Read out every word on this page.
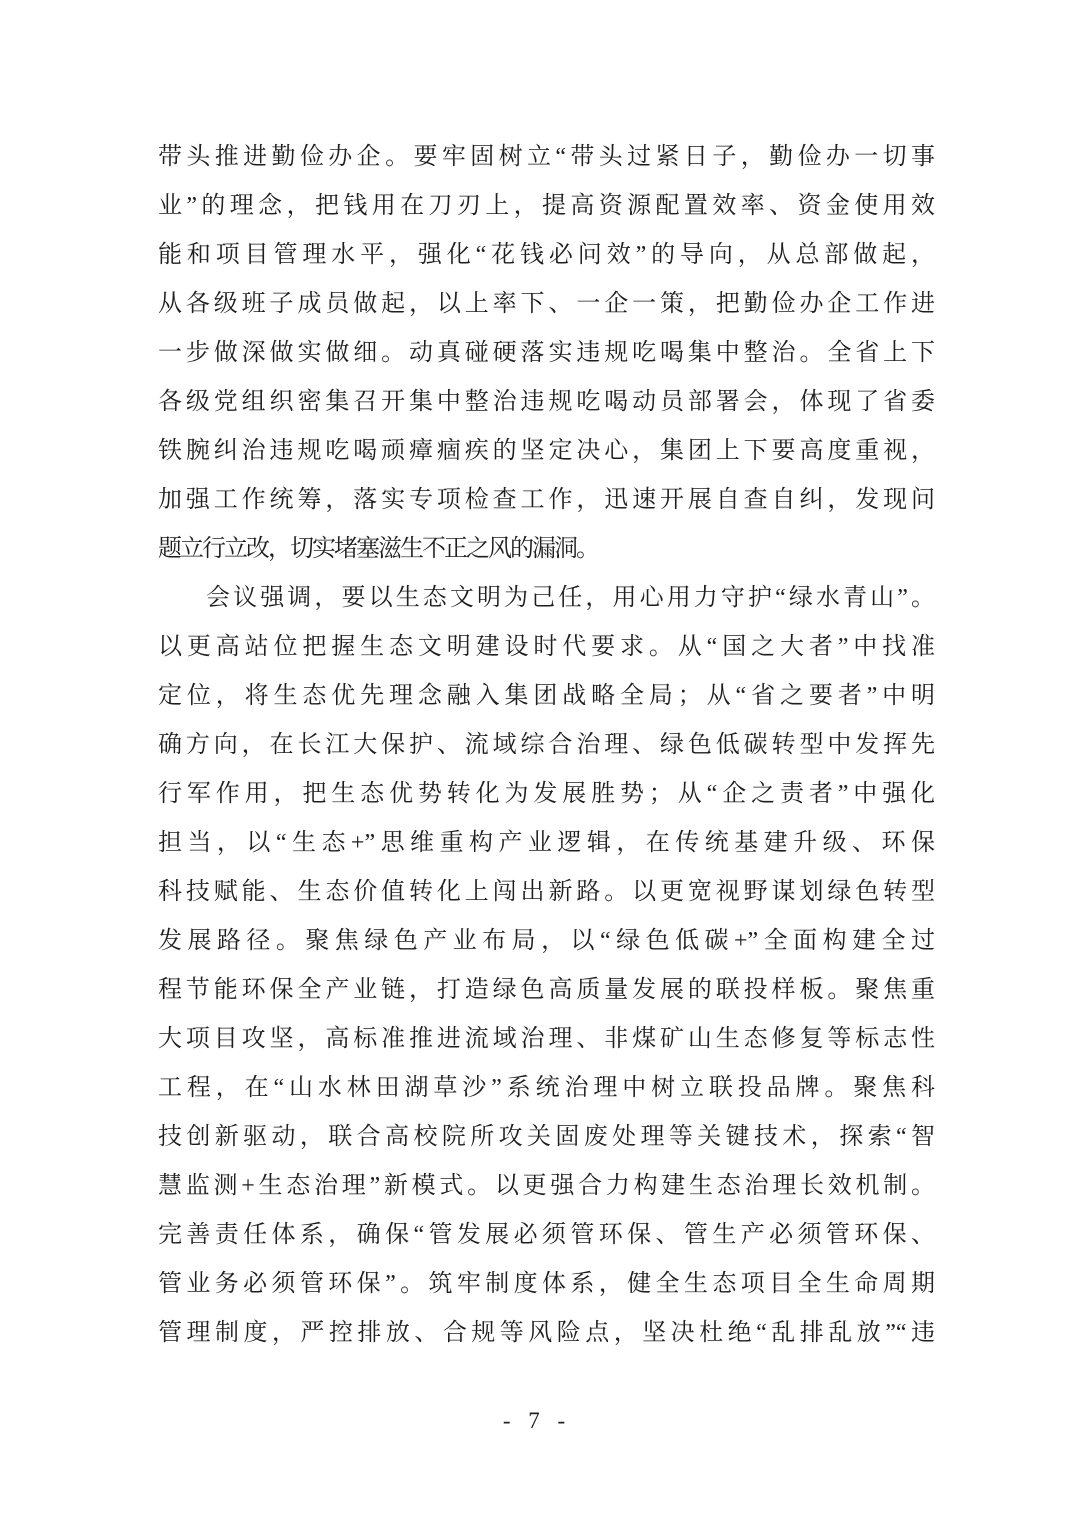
带头推进勤俭办企。要牢固树立“带头过紧日子，勤俭办一切事
业”的理念，把钱用在刀刃上，提高资源配置效率、资金使用效
能和项目管理水平，强化“花钱必问效”的导向，从总部做起，
从各级班子成员做起，以上率下、一企一策，把勤俭办企工作进
一步做深做实做细。动真碰硬落实违规吃喝集中整治。全省上下
各级党组织密集召开集中整治违规吃喝动员部署会，体现了省委
铁腕纠治违规吃喝顽瘴痼疾的坚定决心，集团上下要高度重视，
加强工作统筹，落实专项检查工作，迅速开展自查自纠，发现问
题立行立改，切实堵塞滋生不正之风的漏洞。
会议强调，要以生态文明为己任，用心用力守护“绿水青山”。
以更高站位把握生态文明建设时代要求。从“国之大者”中找准
定位，将生态优先理念融入集团战略全局；从“省之要者”中明
确方向，在长江大保护、流域综合治理、绿色低碳转型中发挥先
行军作用，把生态优势转化为发展胜势；从“企之责者”中强化
担当，以“生态+”思维重构产业逻辑，在传统基建升级、环保
科技赋能、生态价值转化上闯出新路。以更宽视野谋划绿色转型
发展路径。聚焦绿色产业布局，以“绿色低碳+”全面构建全过
程节能环保全产业链，打造绿色高质量发展的联投样板。聚焦重
大项目攻坚，高标准推进流域治理、非煤矿山生态修复等标志性
工程，在“山水林田湖草沙”系统治理中树立联投品牌。聚焦科
技创新驱动，联合高校院所攻关固废处理等关键技术，探索“智
慧监测+生态治理”新模式。以更强合力构建生态治理长效机制。
完善责任体系，确保“管发展必须管环保、管生产必须管环保、
管业务必须管环保”。筑牢制度体系，健全生态项目全生命周期
管理制度，严控排放、合规等风险点，坚决杜绝“乱排乱放”“违
- 7 -
